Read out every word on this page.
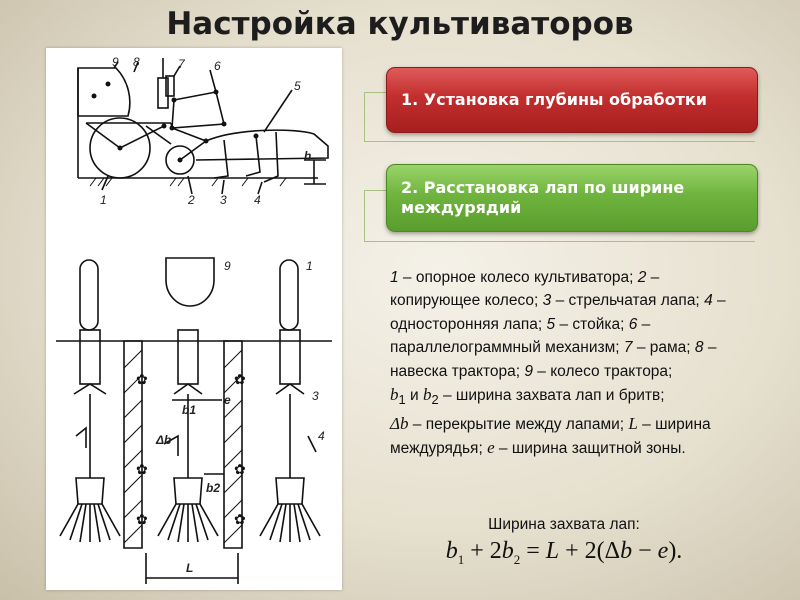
Настройка культиваторов
✿
✿
✿
✿
✿
✿
9 8	7 6
5
h
1	2 3 4
9	1
3
4
b1
e
Δb
b2
L
1. Установка глубины обработки
2. Расстановка лап по ширине междурядий
1 – опорное колесо культиватора; 2 – копирующее колесо; 3 – стрельчатая лапа; 4 – односторонняя лапа; 5 – стойка; 6 – параллелограммный механизм; 7 – рама; 8 – навеска трактора; 9 – колесо трактора;
$b_1$ и $b_2$ – ширина захвата лап и бритв;
Δb – перекрытие между лапами; L – ширина междурядья; e – ширина защитной зоны.
Ширина захвата лап:
$b_1 + 2b_2 = L + 2(\Delta b - e)$.
